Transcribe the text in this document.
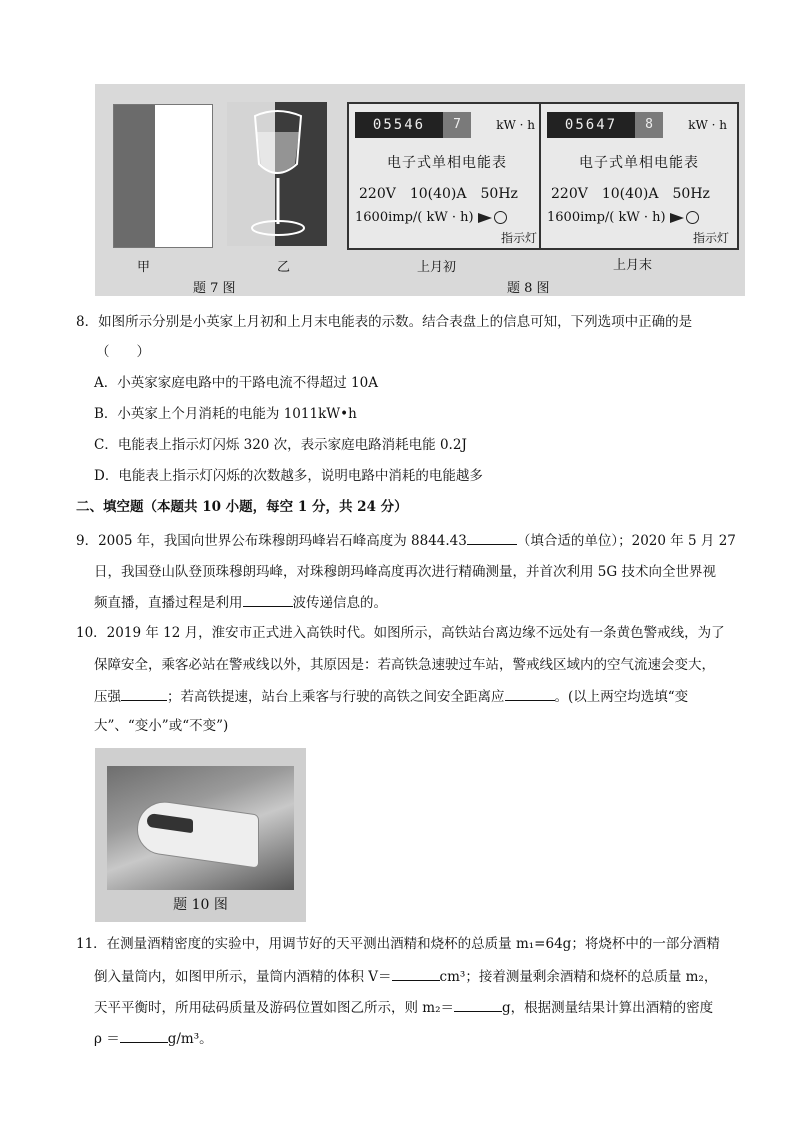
05546	7	kW · h
电子式单相电能表
220V 10(40)A 50Hz
1600imp/( kW · h)
指示灯
05647	8	kW · h
电子式单相电能表
220V 10(40)A 50Hz
1600imp/( kW · h)
指示灯
甲
题 7 图
乙	上月初
题 8 图
上月末
8．如图所示分别是小英家上月初和上月末电能表的示数。结合表盘上的信息可知，下列选项中正确的是
（　　）
A．小英家家庭电路中的干路电流不得超过 10A
B．小英家上个月消耗的电能为 1011kW•h
C．电能表上指示灯闪烁 320 次，表示家庭电路消耗电能 0.2J
D．电能表上指示灯闪烁的次数越多，说明电路中消耗的电能越多
二、填空题（本题共 10 小题，每空 1 分，共 24 分）
9．2005 年，我国向世界公布珠穆朗玛峰岩石峰高度为 8844.43	（填合适的单位）；2020 年 5 月 27
日，我国登山队登顶珠穆朗玛峰，对珠穆朗玛峰高度再次进行精确测量，并首次利用 5G 技术向全世界视
频直播，直播过程是利用	波传递信息的。
10．2019 年 12 月，淮安市正式进入高铁时代。如图所示，高铁站台离边缘不远处有一条黄色警戒线，为了
保障安全，乘客必站在警戒线以外，其原因是：若高铁急速驶过车站，警戒线区域内的空气流速会变大，
压强	；若高铁提速，站台上乘客与行驶的高铁之间安全距离应	。(以上两空均选填“变
大”、“变小”或“不变”)
题 10 图
11．在测量酒精密度的实验中，用调节好的天平测出酒精和烧杯的总质量 m₁=64g；将烧杯中的一部分酒精
倒入量筒内，如图甲所示，量筒内酒精的体积 V＝	cm³；接着测量剩余酒精和烧杯的总质量 m₂，
天平平衡时，所用砝码质量及游码位置如图乙所示，则 m₂＝	g，根据测量结果计算出酒精的密度
ρ ＝	g/m³。
